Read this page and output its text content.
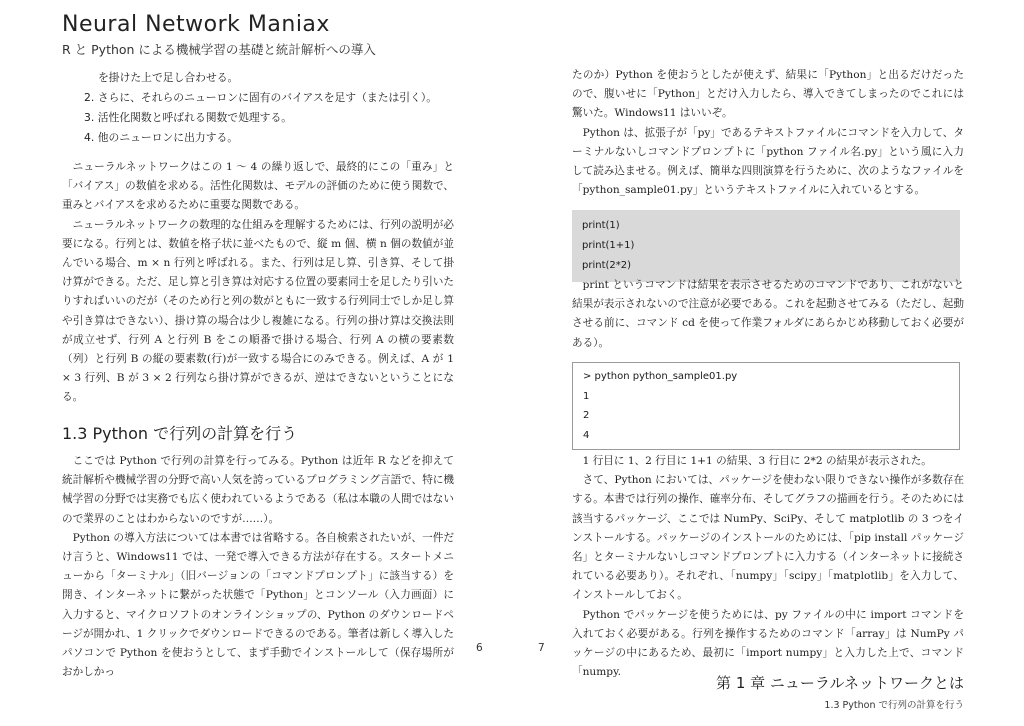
Neural Network Maniax
R と Python による機械学習の基礎と統計解析への導入
を掛けた上で足し合わせる。
2. さらに、それらのニューロンに固有のバイアスを足す（または引く）。
3. 活性化関数と呼ばれる関数で処理する。
4. 他のニューロンに出力する。

ニューラルネットワークはこの 1 ～ 4 の繰り返しで、最終的にこの「重み」と「バイアス」の数値を求める。活性化関数は、モデルの評価のために使う関数で、重みとバイアスを求めるために重要な関数である。

ニューラルネットワークの数理的な仕組みを理解するためには、行列の説明が必要になる。行列とは、数値を格子状に並べたもので、縦 m 個、横 n 個の数値が並んでいる場合、m × n 行列と呼ばれる。また、行列は足し算、引き算、そして掛け算ができる。ただ、足し算と引き算は対応する位置の要素同士を足したり引いたりすればいいのだが（そのため行と列の数がともに一致する行列同士でしか足し算や引き算はできない）、掛け算の場合は少し複雑になる。行列の掛け算は交換法則が成立せず、行列 A と行列 B をこの順番で掛ける場合、行列 A の横の要素数（列）と行列 B の縦の要素数(行)が一致する場合にのみできる。例えば、A が 1 × 3 行列、B が 3 × 2 行列なら掛け算ができるが、逆はできないということになる。

1.3 Python で行列の計算を行う

ここでは Python で行列の計算を行ってみる。Python は近年 R などを抑えて統計解析や機械学習の分野で高い人気を誇っているプログラミング言語で、特に機械学習の分野では実務でも広く使われているようである（私は本職の人間ではないので業界のことはわからないのですが……）。

Python の導入方法については本書では省略する。各自検索されたいが、一件だけ言うと、Windows11 では、一発で導入できる方法が存在する。スタートメニューから「ターミナル」（旧バージョンの「コマンドプロンプト」に該当する）を開き、インターネットに繋がった状態で「Python」とコンソール（入力画面）に入力すると、マイクロソフトのオンラインショップの、Python のダウンロードページが開かれ、1 クリックでダウンロードできるのである。筆者は新しく導入したパソコンで Python を使おうとして、まず手動でインストールして（保存場所がおかしかっ

6

たのか）Python を使おうとしたが使えず、結果に「Python」と出るだけだったので、腹いせに「Python」とだけ入力したら、導入できてしまったのでこれには驚いた。Windows11 はいいぞ。

Python は、拡張子が「py」であるテキストファイルにコマンドを入力して、ターミナルないしコマンドプロンプトに「python ファイル名.py」という風に入力して読み込ませる。例えば、簡単な四則演算を行うために、次のようなファイルを「python_sample01.py」というテキストファイルに入れているとする。

print(1)
print(1+1)
print(2*2)

print というコマンドは結果を表示させるためのコマンドであり、これがないと結果が表示されないので注意が必要である。これを起動させてみる（ただし、起動させる前に、コマンド cd を使って作業フォルダにあらかじめ移動しておく必要がある）。

> python python_sample01.py
1
2
4

1 行目に 1、2 行目に 1+1 の結果、3 行目に 2*2 の結果が表示された。

さて、Python においては、パッケージを使わない限りできない操作が多数存在する。本書では行列の操作、確率分布、そしてグラフの描画を行う。そのためには該当するパッケージ、ここでは NumPy、SciPy、そして matplotlib の 3 つをインストールする。パッケージのインストールのためには、「pip install パッケージ名」とターミナルないしコマンドプロンプトに入力する（インターネットに接続されている必要あり）。それぞれ、「numpy」「scipy」「matplotlib」を入力して、インストールしておく。

Python でパッケージを使うためには、py ファイルの中に import コマンドを入れておく必要がある。行列を操作するためのコマンド「array」は NumPy パッケージの中にあるため、最初に「import numpy」と入力した上で、コマンド「numpy.

7
第 1 章 ニューラルネットワークとは
1.3 Python で行列の計算を行う
